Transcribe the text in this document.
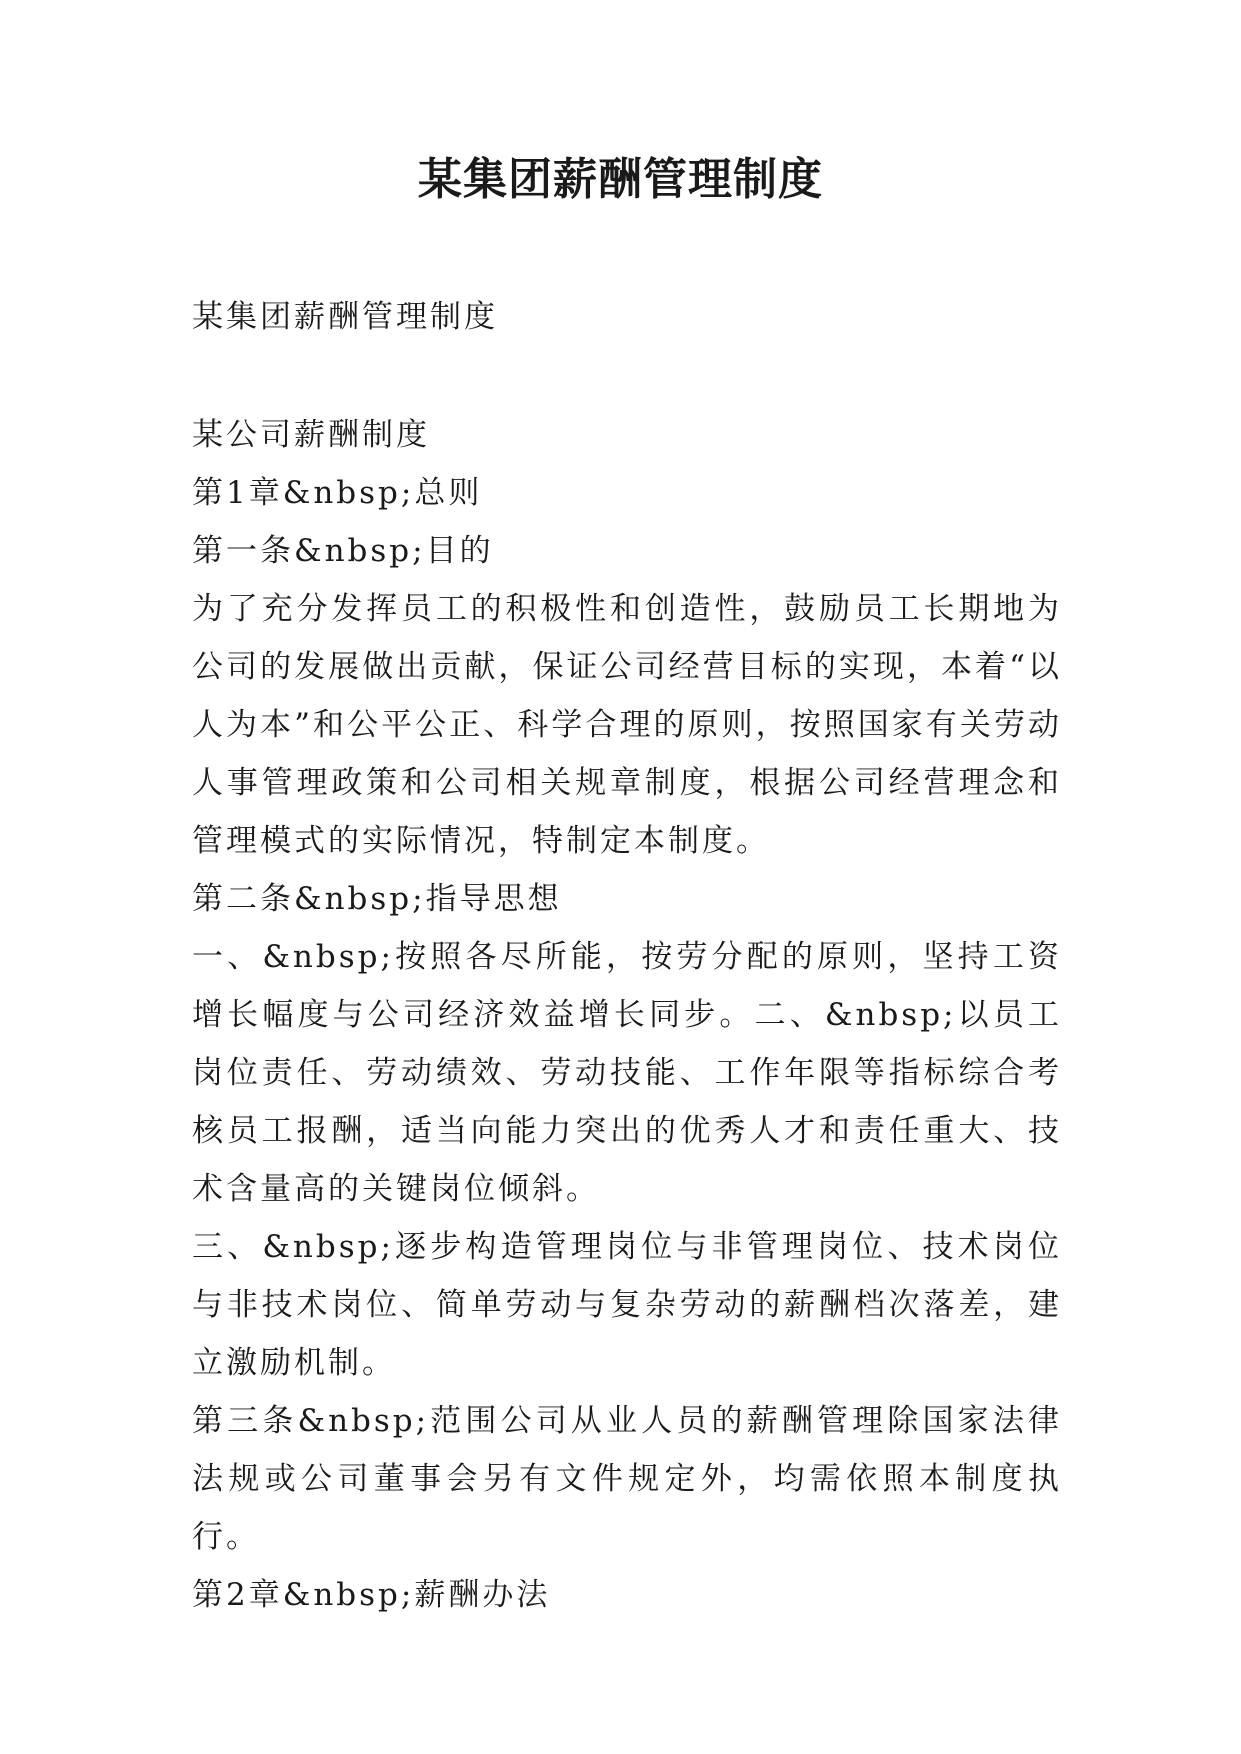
某集团薪酬管理制度
某集团薪酬管理制度

某公司薪酬制度

第1章&nbsp;总则

第一条&nbsp;目的

为了充分发挥员工的积极性和创造性，鼓励员工长期地为公司的发展做出贡献，保证公司经营目标的实现，本着“以人为本”和公平公正、科学合理的原则，按照国家有关劳动人事管理政策和公司相关规章制度，根据公司经营理念和管理模式的实际情况，特制定本制度。

第二条&nbsp;指导思想

一、&nbsp;按照各尽所能，按劳分配的原则，坚持工资增长幅度与公司经济效益增长同步。二、&nbsp;以员工岗位责任、劳动绩效、劳动技能、工作年限等指标综合考核员工报酬，适当向能力突出的优秀人才和责任重大、技术含量高的关键岗位倾斜。

三、&nbsp;逐步构造管理岗位与非管理岗位、技术岗位与非技术岗位、简单劳动与复杂劳动的薪酬档次落差，建立激励机制。

第三条&nbsp;范围公司从业人员的薪酬管理除国家法律法规或公司董事会另有文件规定外，均需依照本制度执行。

第2章&nbsp;薪酬办法
